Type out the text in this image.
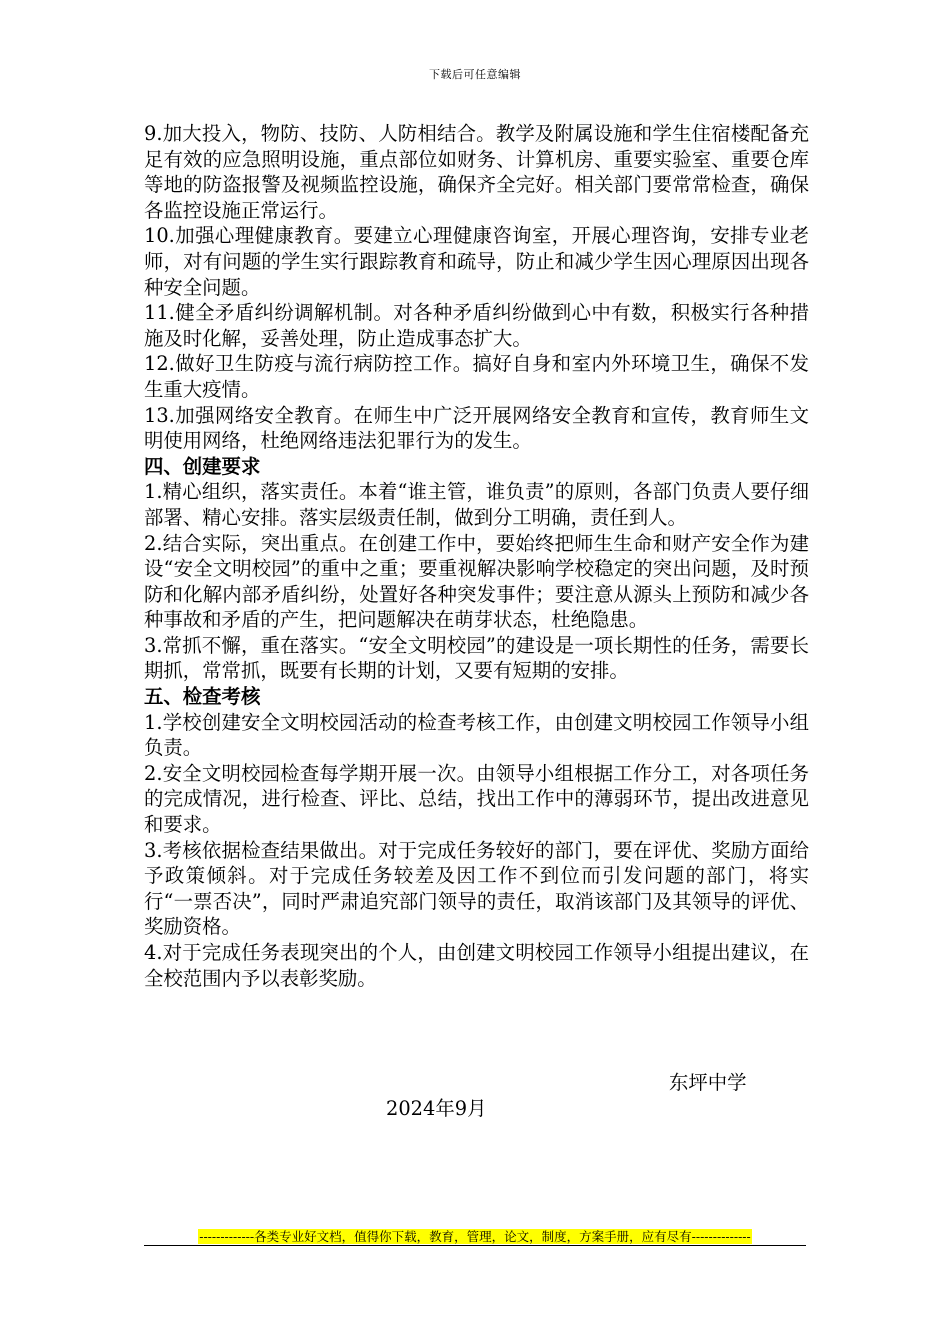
下载后可任意编辑

9.加大投入，物防、技防、人防相结合。教学及附属设施和学生住宿楼配备充足有效的应急照明设施，重点部位如财务、计算机房、重要实验室、重要仓库等地的防盗报警及视频监控设施，确保齐全完好。相关部门要常常检查，确保各监控设施正常运行。

10.加强心理健康教育。要建立心理健康咨询室，开展心理咨询，安排专业老师，对有问题的学生实行跟踪教育和疏导，防止和减少学生因心理原因出现各种安全问题。

11.健全矛盾纠纷调解机制。对各种矛盾纠纷做到心中有数，积极实行各种措施及时化解，妥善处理，防止造成事态扩大。

12.做好卫生防疫与流行病防控工作。搞好自身和室内外环境卫生，确保不发生重大疫情。

13.加强网络安全教育。在师生中广泛开展网络安全教育和宣传，教育师生文明使用网络，杜绝网络违法犯罪行为的发生。

四、创建要求

1.精心组织，落实责任。本着“谁主管，谁负责”的原则，各部门负责人要仔细部署、精心安排。落实层级责任制，做到分工明确，责任到人。

2.结合实际，突出重点。在创建工作中，要始终把师生生命和财产安全作为建设“安全文明校园”的重中之重；要重视解决影响学校稳定的突出问题，及时预防和化解内部矛盾纠纷，处置好各种突发事件；要注意从源头上预防和减少各种事故和矛盾的产生，把问题解决在萌芽状态，杜绝隐患。

3.常抓不懈，重在落实。“安全文明校园”的建设是一项长期性的任务，需要长期抓，常常抓，既要有长期的计划，又要有短期的安排。

五、检查考核

1.学校创建安全文明校园活动的检查考核工作，由创建文明校园工作领导小组负责。

2.安全文明校园检查每学期开展一次。由领导小组根据工作分工，对各项任务的完成情况，进行检查、评比、总结，找出工作中的薄弱环节，提出改进意见和要求。

3.考核依据检查结果做出。对于完成任务较好的部门，要在评优、奖励方面给予政策倾斜。对于完成任务较差及因工作不到位而引发问题的部门，将实行“一票否决”，同时严肃追究部门领导的责任，取消该部门及其领导的评优、奖励资格。

4.对于完成任务表现突出的个人，由创建文明校园工作领导小组提出建议，在全校范围内予以表彰奖励。

东坪中学
2024年9月
-------------各类专业好文档，值得你下载，教育，管理，论文，制度，方案手册，应有尽有--------------
